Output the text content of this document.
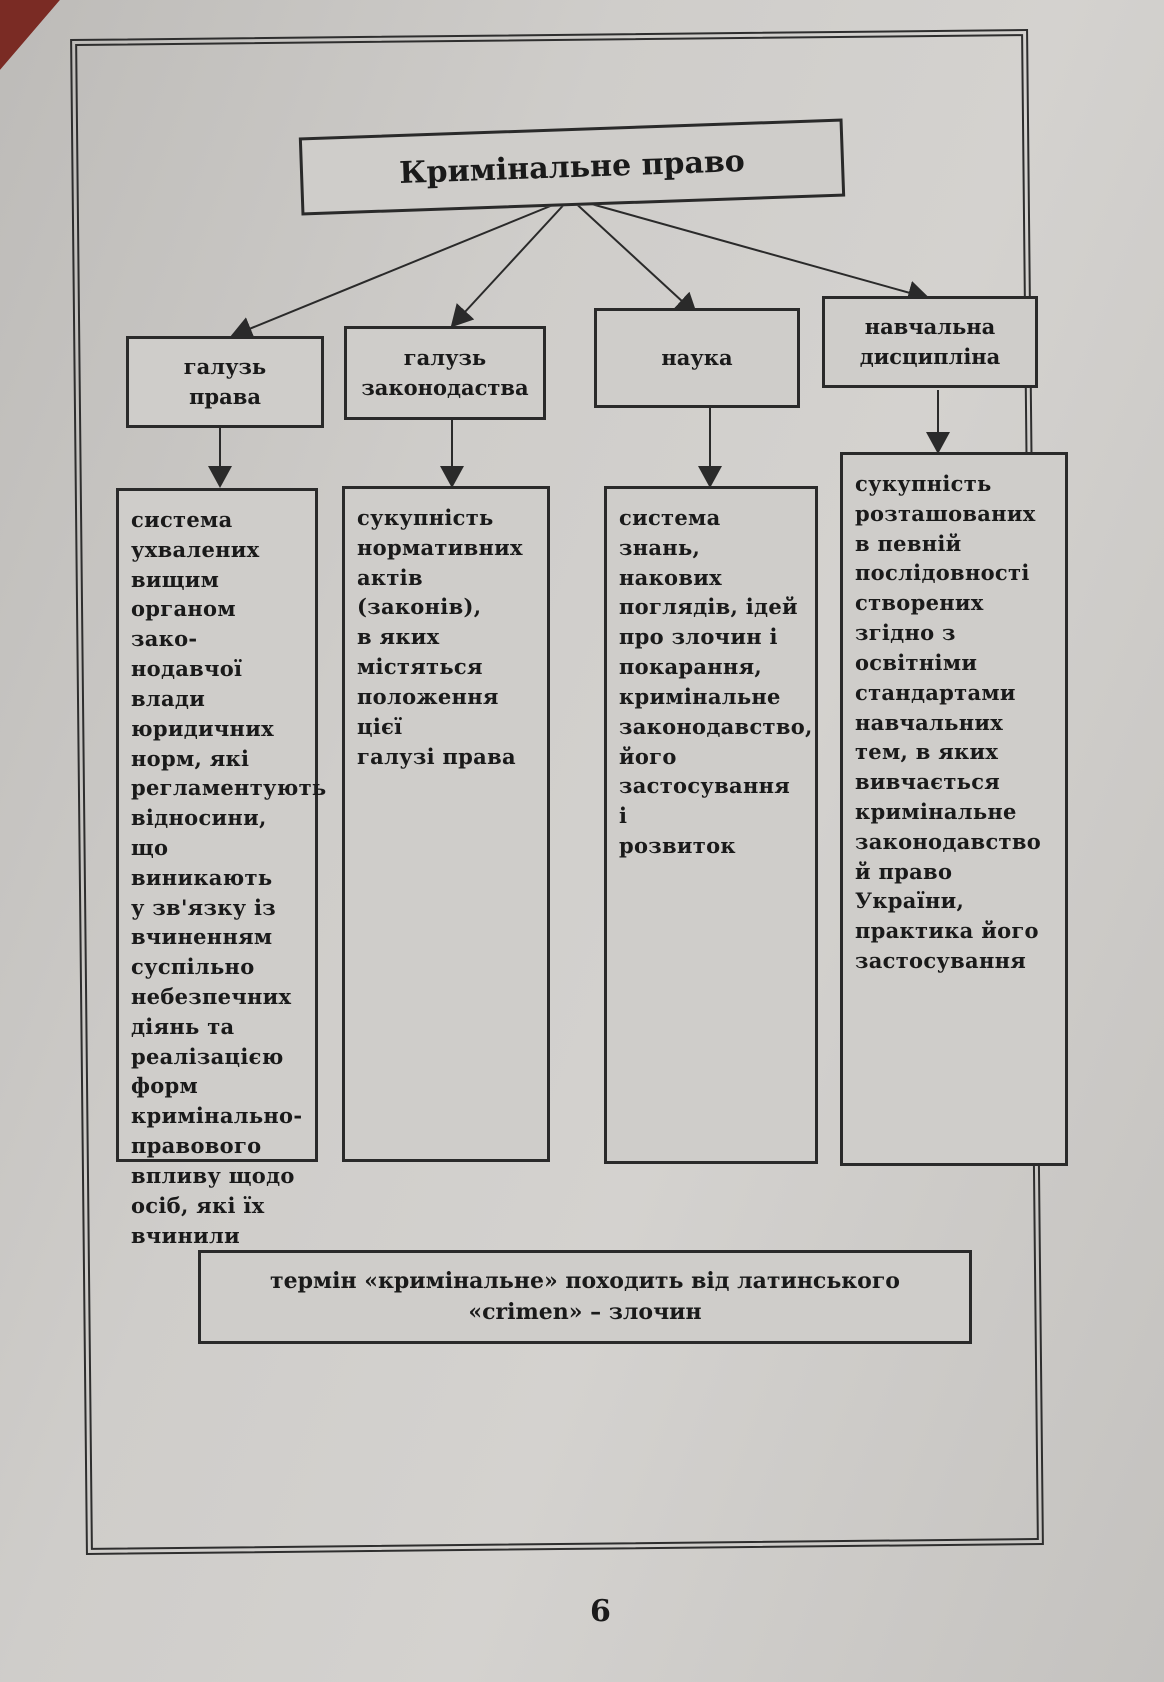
Кримінальне право
галузь
права
галузь
законодаства
наука
навчальна
дисципліна
система
ухвалених
вищим
органом зако-
нодавчої влади
юридичних
норм, які
регламентують
відносини, що
виникають
у зв'язку із
вчиненням
суспільно
небезпечних
діянь та
реалізацією
форм
кримінально-
правового
впливу щодо
осіб, які їх
вчинили
сукупність
нормативних
актів (законів),
в яких
містяться
положення цієї
галузі права
система знань,
накових
поглядів, ідей
про злочин і
покарання,
кримінальне
законодавство,
його
застосування і
розвиток
сукупність
розташованих
в певній
послідовності
створених
згідно з
освітніми
стандартами
навчальних
тем, в яких
вивчається
кримінальне
законодавство
й право
України,
практика його
застосування
термін «кримінальне» походить від латинського
«crimen» – злочин
6
